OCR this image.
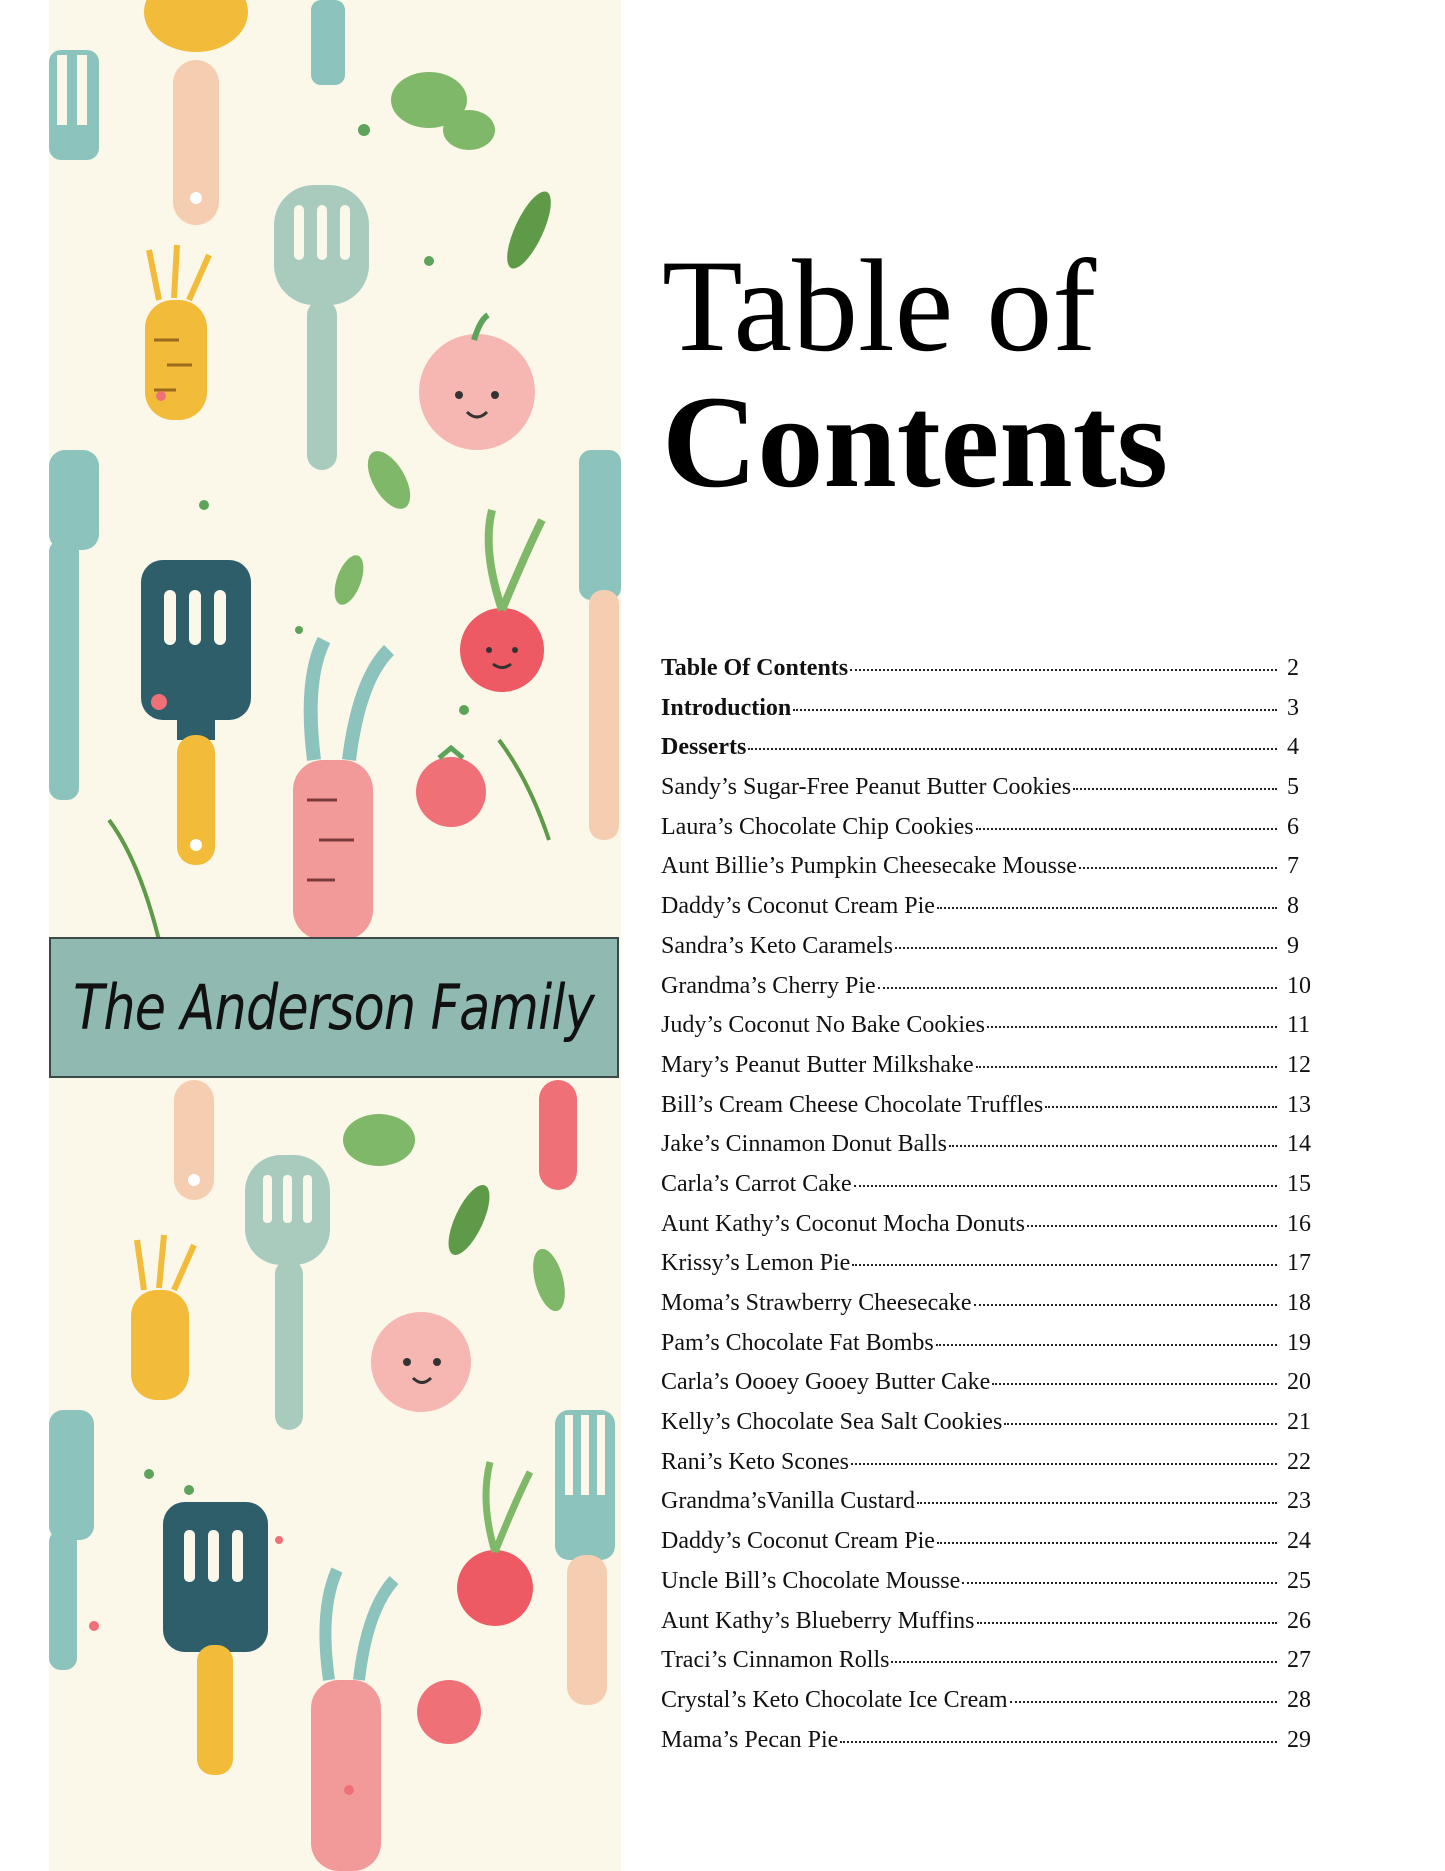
The Anderson Family
Table of
Contents
Table Of Contents	2
Introduction	3
Desserts	4
Sandy’s Sugar-Free Peanut Butter Cookies	5
Laura’s Chocolate Chip Cookies	6
Aunt Billie’s Pumpkin Cheesecake Mousse	7
Daddy’s Coconut Cream Pie	8
Sandra’s Keto Caramels	9
Grandma’s Cherry Pie	10
Judy’s Coconut No Bake Cookies	11
Mary’s Peanut Butter Milkshake	12
Bill’s Cream Cheese Chocolate Truffles	13
Jake’s Cinnamon Donut Balls	14
Carla’s Carrot Cake	15
Aunt Kathy’s Coconut Mocha Donuts	16
Krissy’s Lemon Pie	17
Moma’s Strawberry Cheesecake	18
Pam’s Chocolate Fat Bombs	19
Carla’s Oooey Gooey Butter Cake	20
Kelly’s Chocolate Sea Salt Cookies	21
Rani’s Keto Scones	22
Grandma’sVanilla Custard	23
Daddy’s Coconut Cream Pie	24
Uncle Bill’s Chocolate Mousse	25
Aunt Kathy’s Blueberry Muffins	26
Traci’s Cinnamon Rolls	27
Crystal’s Keto Chocolate Ice Cream	28
Mama’s Pecan Pie	29
